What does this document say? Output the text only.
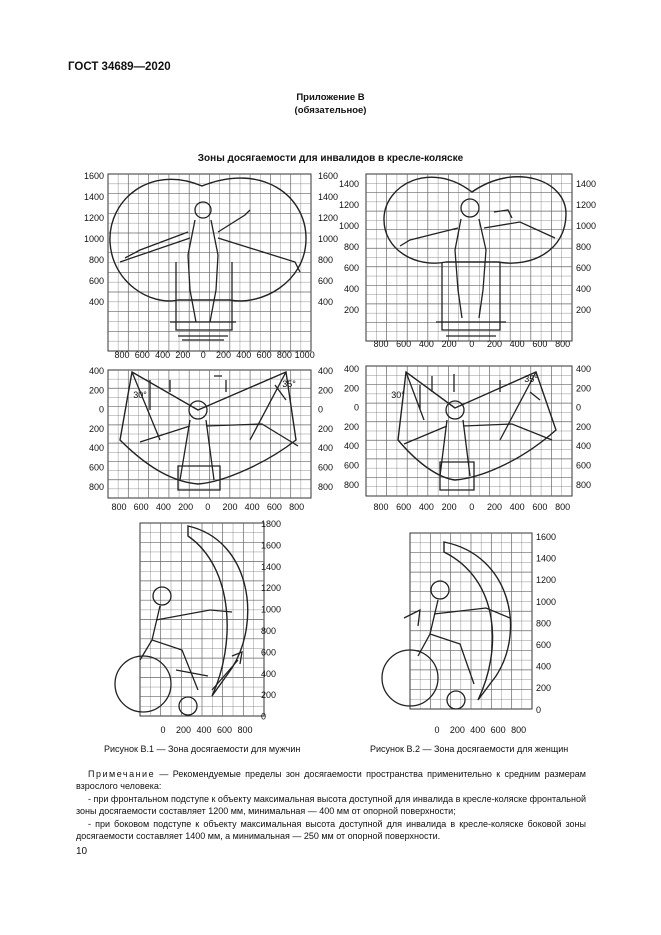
ГОСТ 34689—2020
Приложение В
(обязательное)
Зоны досягаемости для инвалидов в кресле-коляске
1600	1600
1400	1400
1200	1200
1000	1000
800	800
600	600
400	400
800 600 400 200 0 200 400 600 800 1000
1400	1400
1200	1200
1000	1000
800	800
600	600
400	400
200	200
800 600 400 200 0 200 400 600 800
400	400
200	200
0	0
200	200
400	400
600	600
800	800
800 600 400 200 0 200 400 600 800
400	400
200	200
0	0
200	200
400	400
600	600
800	800
800 600 400 200 0 200 400 600 800
1800
1600
1400
1200
1000
800
600
400
200
0
0 200 400 600 800
1600
1400
1200
1000
800
600
400
200
0
0 200 400 600 800
30°
35°
30°
35°
Рисунок В.1 — Зона досягаемости для мужчин	Рисунок В.2 — Зона досягаемости для женщин

Примечание — Рекомендуемые пределы зон досягаемости пространства применительно к средним размерам взрослого человека:

- при фронтальном подступе к объекту максимальная высота доступной для инвалида в кресле-коляске фронтальной зоны досягаемости составляет 1200 мм, минимальная — 400 мм от опорной поверхности;

- при боковом подступе к объекту максимальная высота доступной для инвалида в кресле-коляске боковой зоны досягаемости составляет 1400 мм, а минимальная — 250 мм от опорной поверхности.

10
